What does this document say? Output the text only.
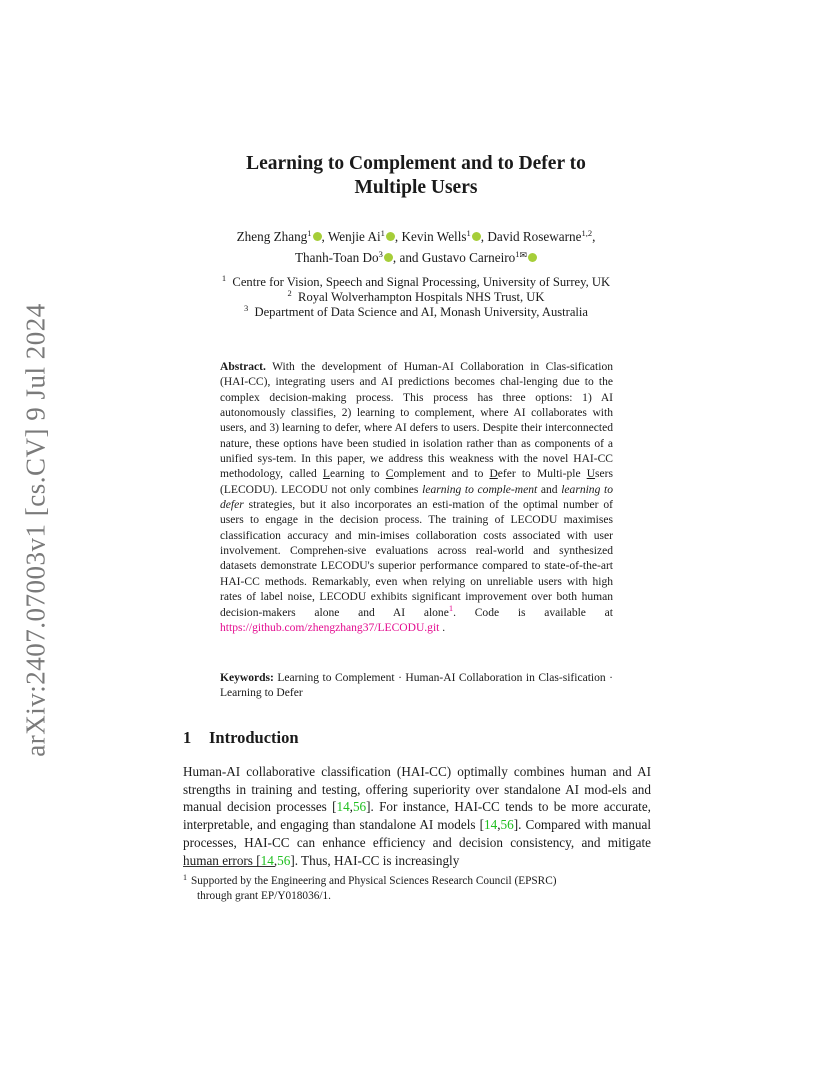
arXiv:2407.07003v1 [cs.CV] 9 Jul 2024
Learning to Complement and to Defer to
Multiple Users
Zheng Zhang$^1$ , Wenjie Ai$^1$ , Kevin Wells$^1$ , David Rosewarne$^{1,2}$,
Thanh-Toan Do$^3$ , and Gustavo Carneiro$^{1✉}$
$^1$ Centre for Vision, Speech and Signal Processing, University of Surrey, UK
$^2$ Royal Wolverhampton Hospitals NHS Trust, UK
$^3$ Department of Data Science and AI, Monash University, Australia
Abstract. With the development of Human-AI Collaboration in Clas-sification (HAI-CC), integrating users and AI predictions becomes chal-lenging due to the complex decision-making process. This process has three options: 1) AI autonomously classifies, 2) learning to complement, where AI collaborates with users, and 3) learning to defer, where AI defers to users. Despite their interconnected nature, these options have been studied in isolation rather than as components of a unified sys-tem. In this paper, we address this weakness with the novel HAI-CC methodology, called Learning to Complement and to Defer to Multi-ple Users (LECODU). LECODU not only combines learning to comple-ment and learning to defer strategies, but it also incorporates an esti-mation of the optimal number of users to engage in the decision process. The training of LECODU maximises classification accuracy and min-imises collaboration costs associated with user involvement. Comprehen-sive evaluations across real-world and synthesized datasets demonstrate LECODU's superior performance compared to state-of-the-art HAI-CC methods. Remarkably, even when relying on unreliable users with high rates of label noise, LECODU exhibits significant improvement over both human decision-makers alone and AI alone$^1$. Code is available at https://github.com/zhengzhang37/LECODU.git .
Keywords: Learning to Complement · Human-AI Collaboration in Clas-sification · Learning to Defer
1 Introduction
Human-AI collaborative classification (HAI-CC) optimally combines human and AI strengths in training and testing, offering superiority over standalone AI mod-els and manual decision processes [14,56]. For instance, HAI-CC tends to be more accurate, interpretable, and engaging than standalone AI models [14,56]. Compared with manual processes, HAI-CC can enhance efficiency and decision consistency, and mitigate human errors [14,56]. Thus, HAI-CC is increasingly
$^1$ Supported by the Engineering and Physical Sciences Research Council (EPSRC)
through grant EP/Y018036/1.
